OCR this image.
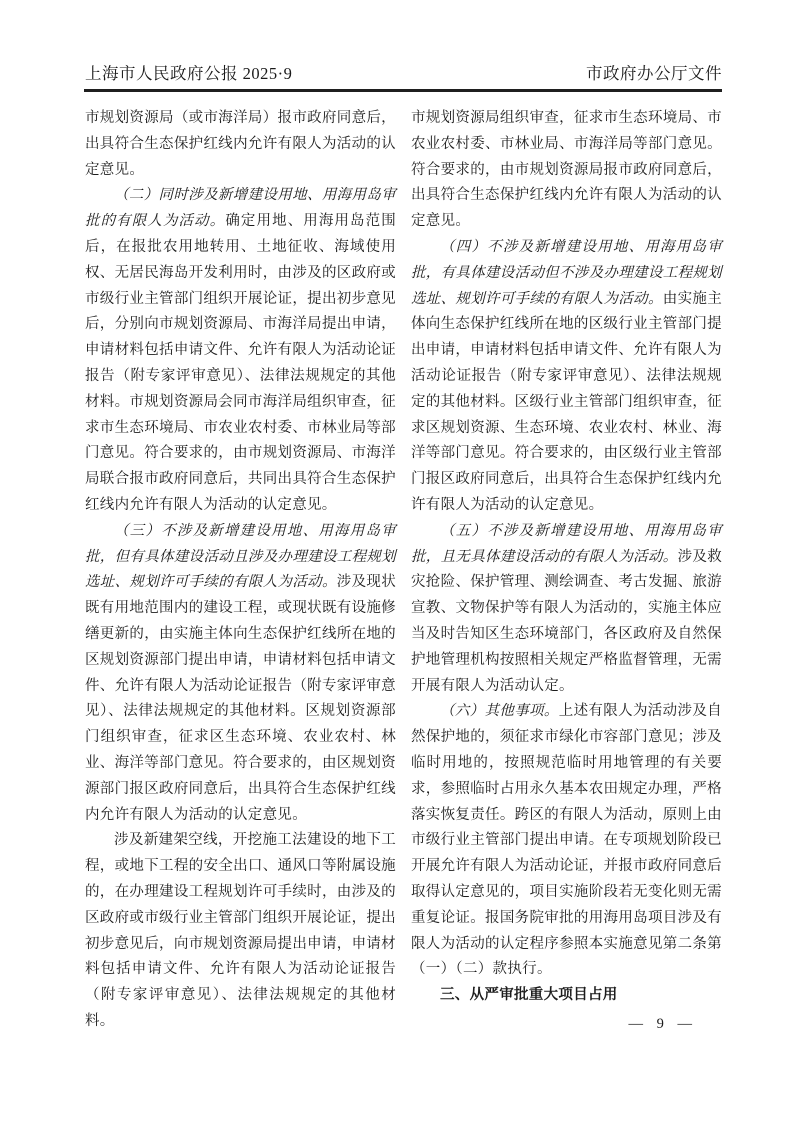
上海市人民政府公报 2025·9	市政府办公厅文件

市规划资源局（或市海洋局）报市政府同意后，出具符合生态保护红线内允许有限人为活动的认定意见。

（二）同时涉及新增建设用地、用海用岛审批的有限人为活动。确定用地、用海用岛范围后，在报批农用地转用、土地征收、海域使用权、无居民海岛开发利用时，由涉及的区政府或市级行业主管部门组织开展论证，提出初步意见后，分别向市规划资源局、市海洋局提出申请，申请材料包括申请文件、允许有限人为活动论证报告（附专家评审意见）、法律法规规定的其他材料。市规划资源局会同市海洋局组织审查，征求市生态环境局、市农业农村委、市林业局等部门意见。符合要求的，由市规划资源局、市海洋局联合报市政府同意后，共同出具符合生态保护红线内允许有限人为活动的认定意见。

（三）不涉及新增建设用地、用海用岛审批，但有具体建设活动且涉及办理建设工程规划选址、规划许可手续的有限人为活动。涉及现状既有用地范围内的建设工程，或现状既有设施修缮更新的，由实施主体向生态保护红线所在地的区规划资源部门提出申请，申请材料包括申请文件、允许有限人为活动论证报告（附专家评审意见）、法律法规规定的其他材料。区规划资源部门组织审查，征求区生态环境、农业农村、林业、海洋等部门意见。符合要求的，由区规划资源部门报区政府同意后，出具符合生态保护红线内允许有限人为活动的认定意见。

涉及新建架空线，开挖施工法建设的地下工程，或地下工程的安全出口、通风口等附属设施的，在办理建设工程规划许可手续时，由涉及的区政府或市级行业主管部门组织开展论证，提出初步意见后，向市规划资源局提出申请，申请材料包括申请文件、允许有限人为活动论证报告（附专家评审意见）、法律法规规定的其他材料。

市规划资源局组织审查，征求市生态环境局、市农业农村委、市林业局、市海洋局等部门意见。符合要求的，由市规划资源局报市政府同意后，出具符合生态保护红线内允许有限人为活动的认定意见。

（四）不涉及新增建设用地、用海用岛审批，有具体建设活动但不涉及办理建设工程规划选址、规划许可手续的有限人为活动。由实施主体向生态保护红线所在地的区级行业主管部门提出申请，申请材料包括申请文件、允许有限人为活动论证报告（附专家评审意见）、法律法规规定的其他材料。区级行业主管部门组织审查，征求区规划资源、生态环境、农业农村、林业、海洋等部门意见。符合要求的，由区级行业主管部门报区政府同意后，出具符合生态保护红线内允许有限人为活动的认定意见。

（五）不涉及新增建设用地、用海用岛审批，且无具体建设活动的有限人为活动。涉及救灾抢险、保护管理、测绘调查、考古发掘、旅游宣教、文物保护等有限人为活动的，实施主体应当及时告知区生态环境部门，各区政府及自然保护地管理机构按照相关规定严格监督管理，无需开展有限人为活动认定。

（六）其他事项。上述有限人为活动涉及自然保护地的，须征求市绿化市容部门意见；涉及临时用地的，按照规范临时用地管理的有关要求，参照临时占用永久基本农田规定办理，严格落实恢复责任。跨区的有限人为活动，原则上由市级行业主管部门提出申请。在专项规划阶段已开展允许有限人为活动论证，并报市政府同意后取得认定意见的，项目实施阶段若无变化则无需重复论证。报国务院审批的用海用岛项目涉及有限人为活动的认定程序参照本实施意见第二条第（一）（二）款执行。

三、从严审批重大项目占用

— 9 —
